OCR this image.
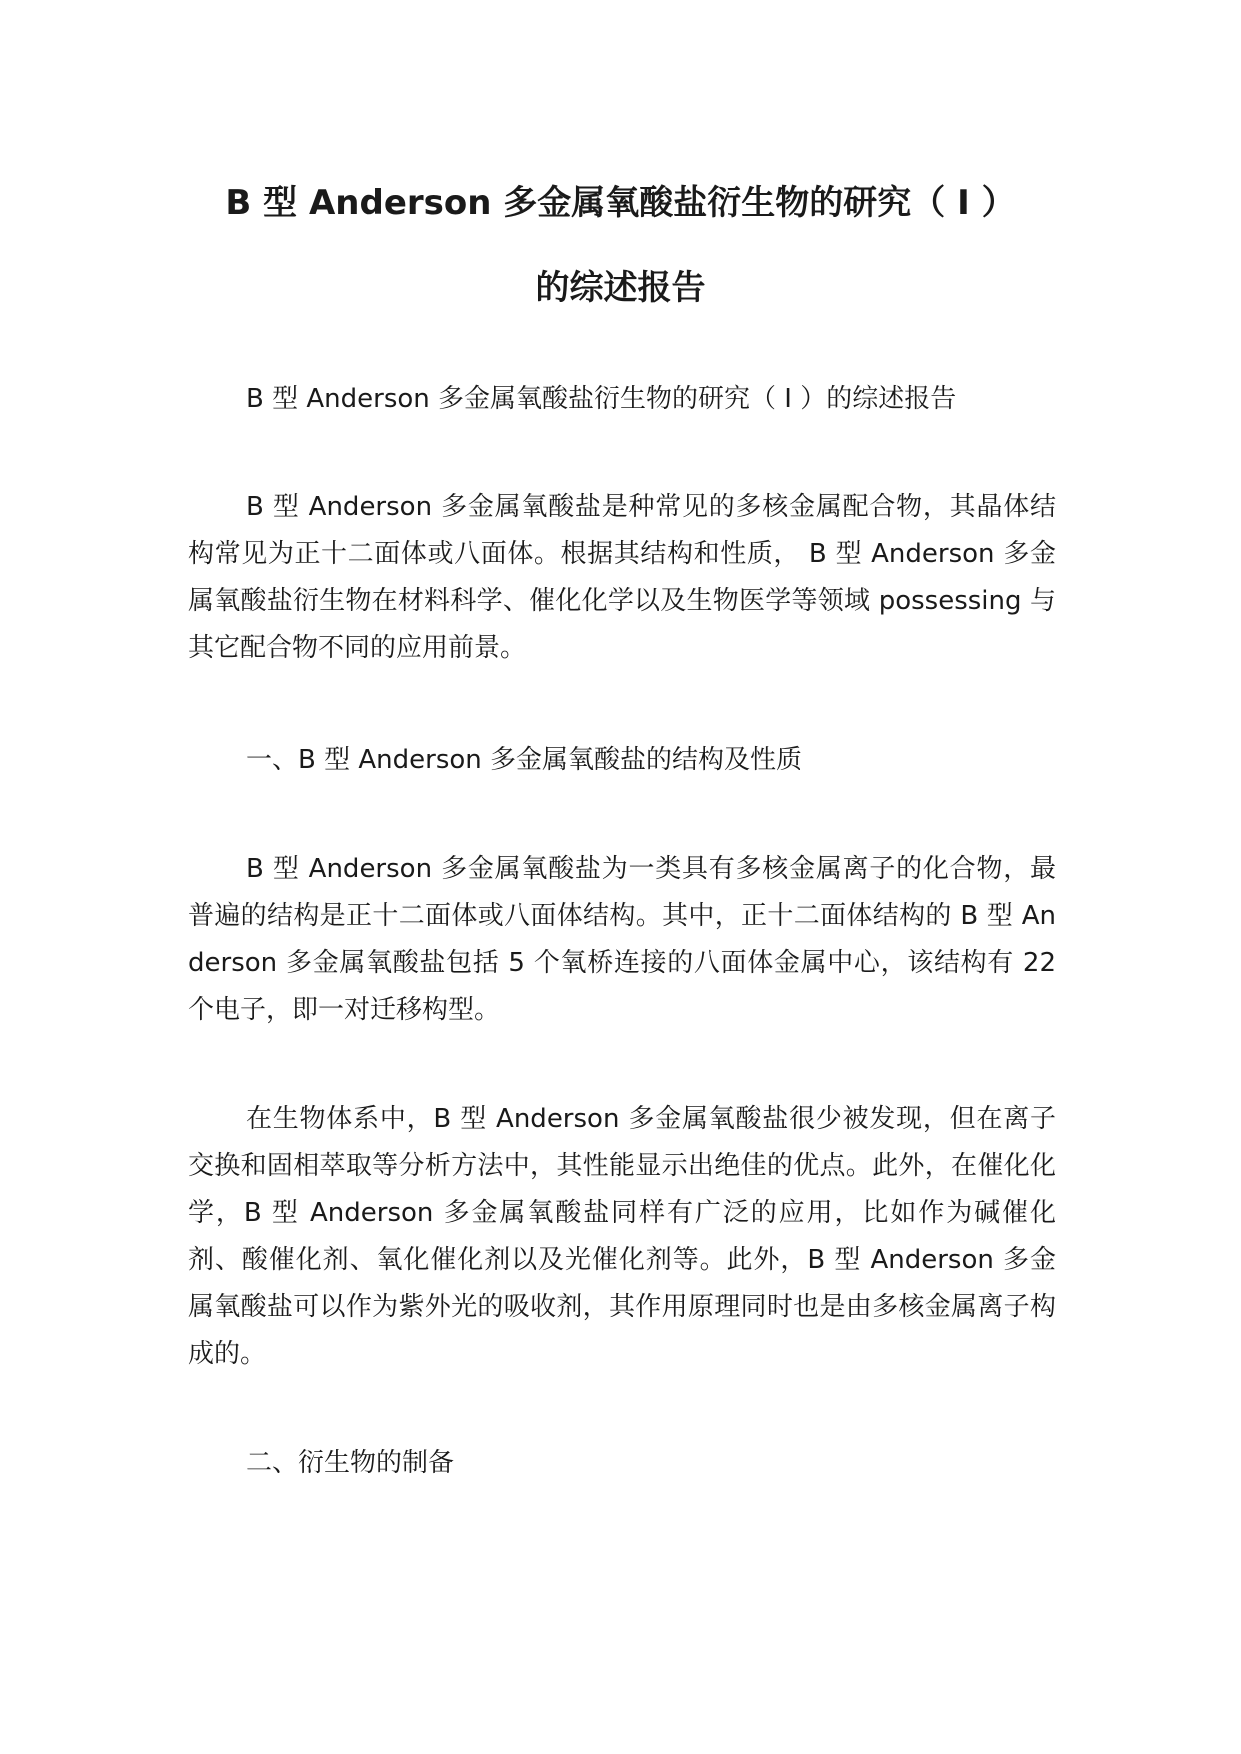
B 型 Anderson 多金属氧酸盐衍生物的研究（ I ）
的综述报告

B 型 Anderson 多金属氧酸盐衍生物的研究（ Ⅰ ）的综述报告

B 型 Anderson 多金属氧酸盐是种常见的多核金属配合物，其晶体结构常见为正十二面体或八面体。根据其结构和性质， B 型 Anderson 多金属氧酸盐衍生物在材料科学、催化化学以及生物医学等领域 possessing 与其它配合物不同的应用前景。

一、B 型 Anderson 多金属氧酸盐的结构及性质

B 型 Anderson 多金属氧酸盐为一类具有多核金属离子的化合物，最普遍的结构是正十二面体或八面体结构。其中，正十二面体结构的 B 型 Anderson 多金属氧酸盐包括 5 个氧桥连接的八面体金属中心，该结构有 22 个电子，即一对迁移构型。

在生物体系中，B 型 Anderson 多金属氧酸盐很少被发现，但在离子交换和固相萃取等分析方法中，其性能显示出绝佳的优点。此外，在催化化学，B 型 Anderson 多金属氧酸盐同样有广泛的应用，比如作为碱催化剂、酸催化剂、氧化催化剂以及光催化剂等。此外，B 型 Anderson 多金属氧酸盐可以作为紫外光的吸收剂，其作用原理同时也是由多核金属离子构成的。

二、衍生物的制备
